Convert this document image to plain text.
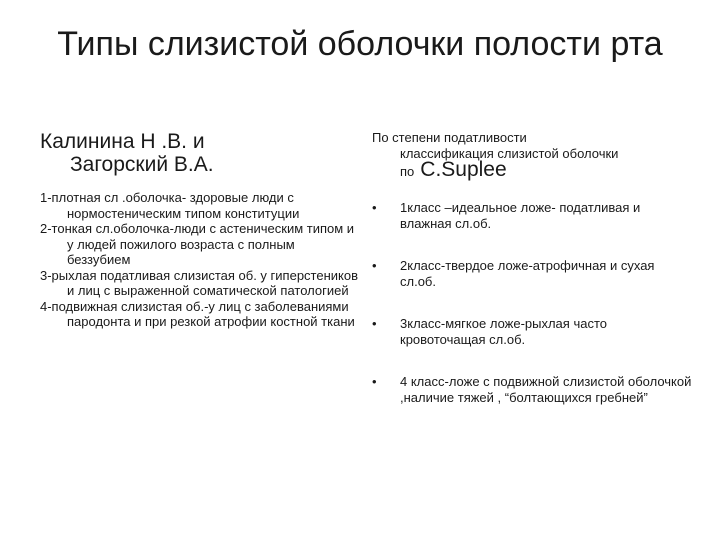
Типы слизистой оболочки полости рта

Калинина Н .В. и
Загорский В.А.

1-плотная сл .оболочка- здоровые люди с нормостеническим типом конституции
2-тонкая сл.оболочка-люди с астеническим типом и у людей пожилого возраста с полным беззубием
3-рыхлая податливая слизистая об. у гиперстеников и лиц с выраженной соматической патологией
4-подвижная слизистая об.-у лиц с заболеваниями пародонта и при резкой атрофии костной ткани

По степени податливости
классификация слизистой оболочки
по C.Suplee

• 1класс –идеальное ложе- податливая и влажная сл.об.
• 2класс-твердое ложе-атрофичная и сухая сл.об.
• 3класс-мягкое ложе-рыхлая часто кровоточащая сл.об.
• 4 класс-ложе с подвижной слизистой оболочкой ,наличие тяжей , “болтающихся гребней”
